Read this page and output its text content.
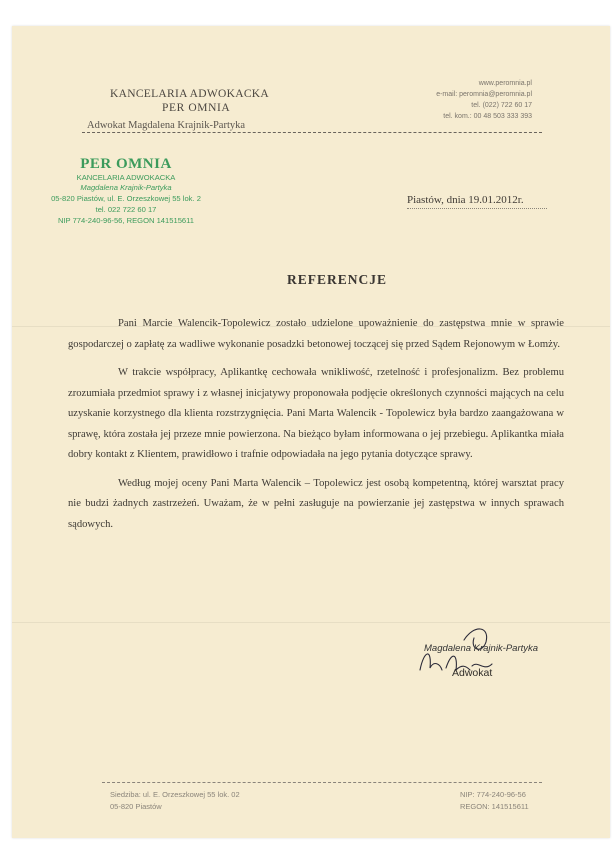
KANCELARIA ADWOKACKA
PER OMNIA
Adwokat Magdalena Krajnik-Partyka
www.peromnia.pl
e-mail: peromnia@peromnia.pl
tel. (022) 722 60 17
tel. kom.: 00 48 503 333 393
PER OMNIA
KANCELARIA ADWOKACKA
Magdalena Krajnik-Partyka
05-820 Piastów, ul. E. Orzeszkowej 55 lok. 2
tel. 022 722 60 17
NIP 774-240-96-56, REGON 141515611
Piastów, dnia 19.01.2012r.
REFERENCJE

Pani Marcie Walencik-Topolewicz zostało udzielone upoważnienie do zastępstwa mnie w sprawie gospodarczej o zapłatę za wadliwe wykonanie posadzki betonowej toczącej się przed Sądem Rejonowym w Łomży.

W trakcie współpracy, Aplikantkę cechowała wnikliwość, rzetelność i profesjonalizm. Bez problemu zrozumiała przedmiot sprawy i z własnej inicjatywy proponowała podjęcie określonych czynności mających na celu uzyskanie korzystnego dla klienta rozstrzygnięcia. Pani Marta Walencik - Topolewicz była bardzo zaangażowana w sprawę, która została jej przeze mnie powierzona. Na bieżąco byłam informowana o jej przebiegu. Aplikantka miała dobry kontakt z Klientem, prawidłowo i trafnie odpowiadała na jego pytania dotyczące sprawy.

Według mojej oceny Pani Marta Walencik – Topolewicz jest osobą kompetentną, której warsztat pracy nie budzi żadnych zastrzeżeń. Uważam, że w pełni zasługuje na powierzanie jej zastępstwa w innych sprawach sądowych.

Magdalena Krajnik-Partyka
Adwokat
Siedziba: ul. E. Orzeszkowej 55 lok. 02
05-820 Piastów
NIP: 774-240-96-56
REGON: 141515611
